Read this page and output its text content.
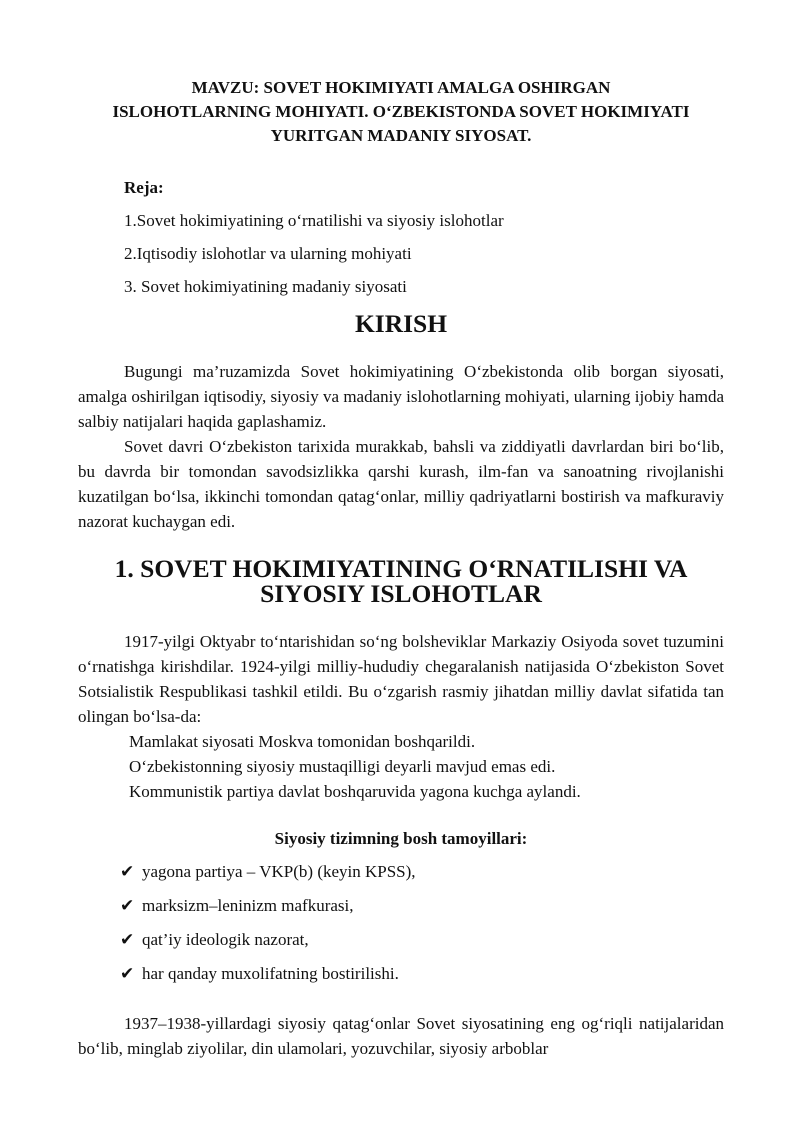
MAVZU: SOVET HOKIMIYATI AMALGA OSHIRGAN
ISLOHOTLARNING MOHIYATI. O‘ZBEKISTONDA SOVET HOKIMIYATI
YURITGAN MADANIY SIYOSAT.

Reja:

1.Sovet hokimiyatining o‘rnatilishi va siyosiy islohotlar

2.Iqtisodiy islohotlar va ularning mohiyati

3. Sovet hokimiyatining madaniy siyosati

KIRISH

Bugungi ma’ruzamizda Sovet hokimiyatining O‘zbekistonda olib borgan siyosati, amalga oshirilgan iqtisodiy, siyosiy va madaniy islohotlarning mohiyati, ularning ijobiy hamda salbiy natijalari haqida gaplashamiz.

Sovet davri O‘zbekiston tarixida murakkab, bahsli va ziddiyatli davrlardan biri bo‘lib, bu davrda bir tomondan savodsizlikka qarshi kurash, ilm-fan va sanoatning rivojlanishi kuzatilgan bo‘lsa, ikkinchi tomondan qatag‘onlar, milliy qadriyatlarni bostirish va mafkuraviy nazorat kuchaygan edi.

1. SOVET HOKIMIYATINING O‘RNATILISHI VA SIYOSIY ISLOHOTLAR

1917-yilgi Oktyabr to‘ntarishidan so‘ng bolsheviklar Markaziy Osiyoda sovet tuzumini o‘rnatishga kirishdilar. 1924-yilgi milliy-hududiy chegaralanish natijasida O‘zbekiston Sovet Sotsialistik Respublikasi tashkil etildi. Bu o‘zgarish rasmiy jihatdan milliy davlat sifatida tan olingan bo‘lsa-da:

Mamlakat siyosati Moskva tomonidan boshqarildi.

O‘zbekistonning siyosiy mustaqilligi deyarli mavjud emas edi.

Kommunistik partiya davlat boshqaruvida yagona kuchga aylandi.

Siyosiy tizimning bosh tamoyillari:

✔ yagona partiya – VKP(b) (keyin KPSS),

✔ marksizm–leninizm mafkurasi,

✔ qat’iy ideologik nazorat,

✔ har qanday muxolifatning bostirilishi.

1937–1938-yillardagi siyosiy qatag‘onlar Sovet siyosatining eng og‘riqli natijalaridan bo‘lib, minglab ziyolilar, din ulamolari, yozuvchilar, siyosiy arboblar
